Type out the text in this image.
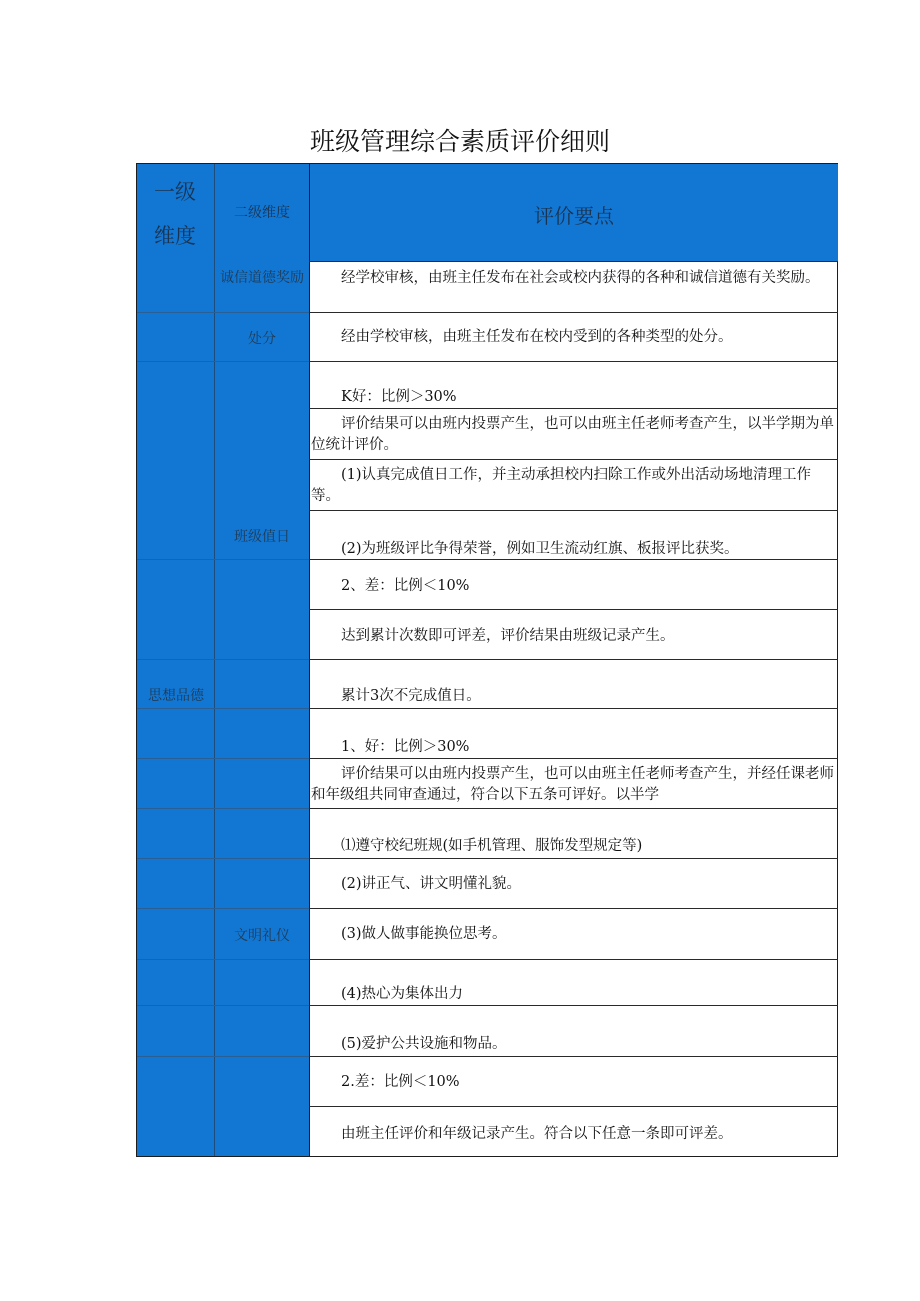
班级管理综合素质评价细则
一级维度
二级维度	评价要点
诚信道德奖励
处分
班级值日
文明礼仪
思想品德
经学校审核，由班主任发布在社会或校内获得的各种和诚信道德有关奖励。
经由学校审核，由班主任发布在校内受到的各种类型的处分。
K好：比例＞30%
评价结果可以由班内投票产生，也可以由班主任老师考查产生，以半学期为单位统计评价。
(1)认真完成值日工作，并主动承担校内扫除工作或外出活动场地清理工作等。
(2)为班级评比争得荣誉，例如卫生流动红旗、板报评比获奖。
2、差：比例＜10%
达到累计次数即可评差，评价结果由班级记录产生。
累计3次不完成值日。
1、好：比例＞30%
评价结果可以由班内投票产生，也可以由班主任老师考查产生，并经任课老师和年级组共同审查通过，符合以下五条可评好。以半学
⑴遵守校纪班规(如手机管理、服饰发型规定等)
(2)讲正气、讲文明懂礼貌。
(3)做人做事能换位思考。
(4)热心为集体出力
(5)爱护公共设施和物品。
2.差：比例＜10%
由班主任评价和年级记录产生。符合以下任意一条即可评差。
